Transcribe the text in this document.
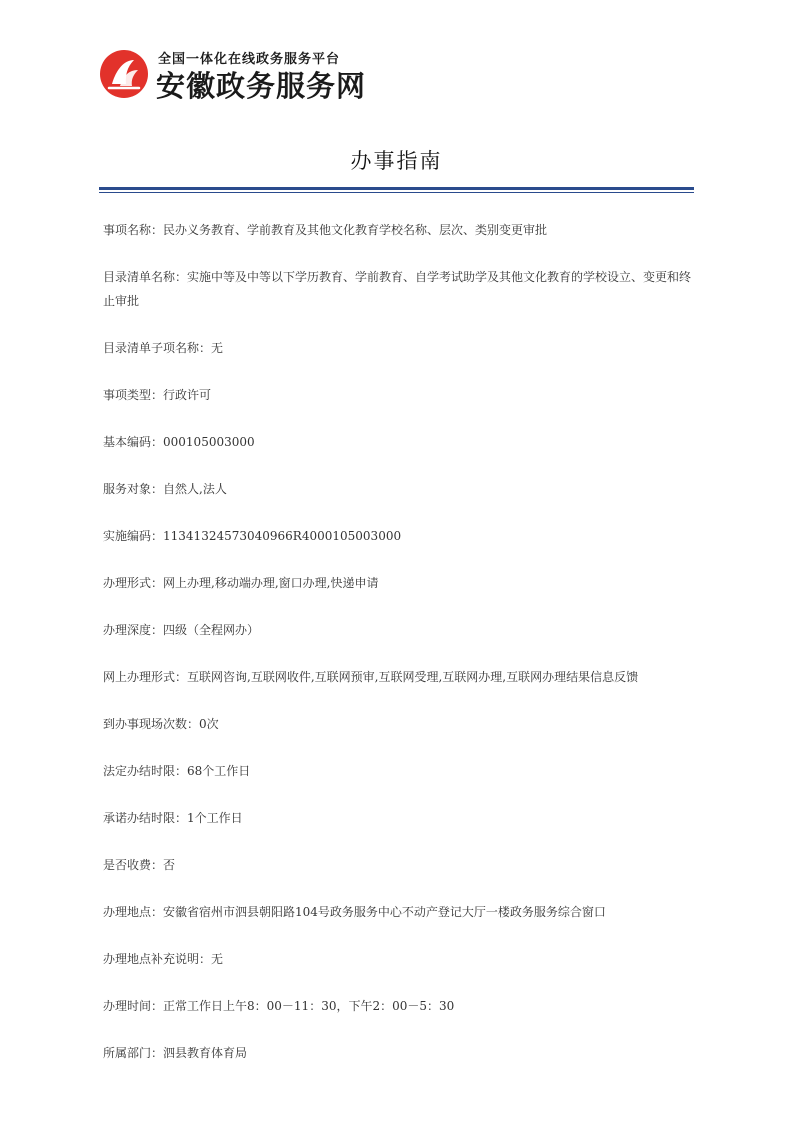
全国一体化在线政务服务平台
安徽政务服务网
办事指南
事项名称：民办义务教育、学前教育及其他文化教育学校名称、层次、类别变更审批
目录清单名称：实施中等及中等以下学历教育、学前教育、自学考试助学及其他文化教育的学校设立、变更和终止审批
目录清单子项名称：无
事项类型：行政许可
基本编码：000105003000
服务对象：自然人,法人
实施编码：11341324573040966R4000105003000
办理形式：网上办理,移动端办理,窗口办理,快递申请
办理深度：四级（全程网办）
网上办理形式：互联网咨询,互联网收件,互联网预审,互联网受理,互联网办理,互联网办理结果信息反馈
到办事现场次数：0次
法定办结时限：68个工作日
承诺办结时限：1个工作日
是否收费：否
办理地点：安徽省宿州市泗县朝阳路104号政务服务中心不动产登记大厅一楼政务服务综合窗口
办理地点补充说明：无
办理时间：正常工作日上午8：00－11：30，下午2：00－5：30
所属部门：泗县教育体育局
